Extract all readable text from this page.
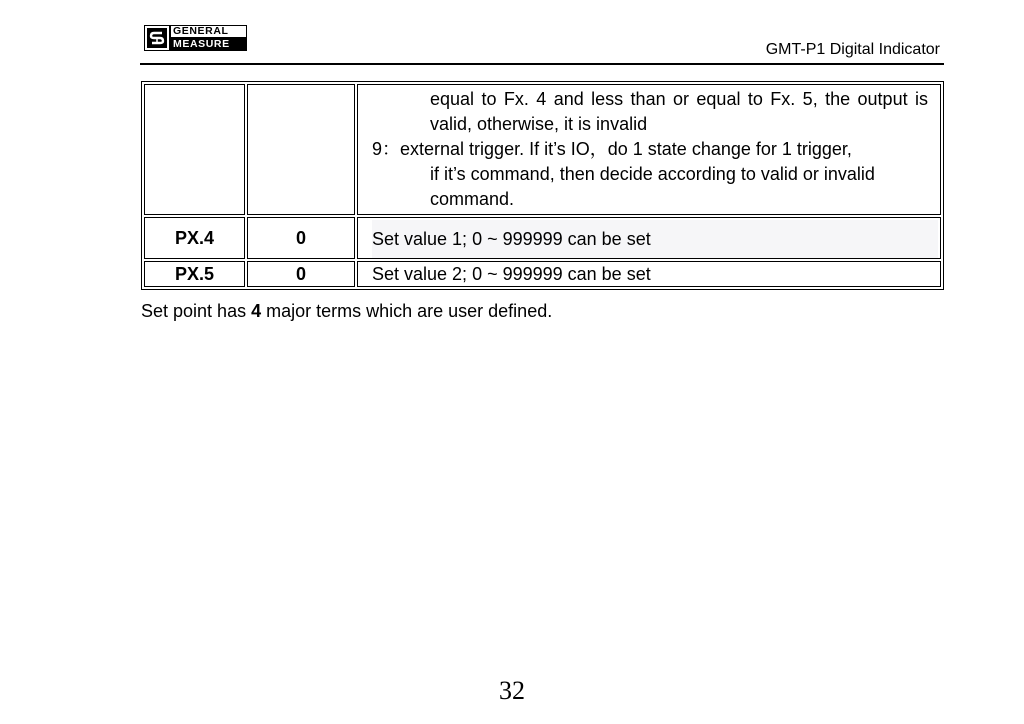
GENERAL
MEASURE	GMT-P1 Digital Indicator

		equal to Fx. 4 and less than or equal to Fx. 5, the output is valid, otherwise, it is invalid
9： external trigger. If it’s IO，do 1 state change for 1 trigger,
if it’s command, then decide according to valid or invalid command.

PX.4	0	Set value 1; 0 ~ 999999 can be set

PX.5	0	Set value 2; 0 ~ 999999 can be set
Set point has 4 major terms which are user defined.
32
